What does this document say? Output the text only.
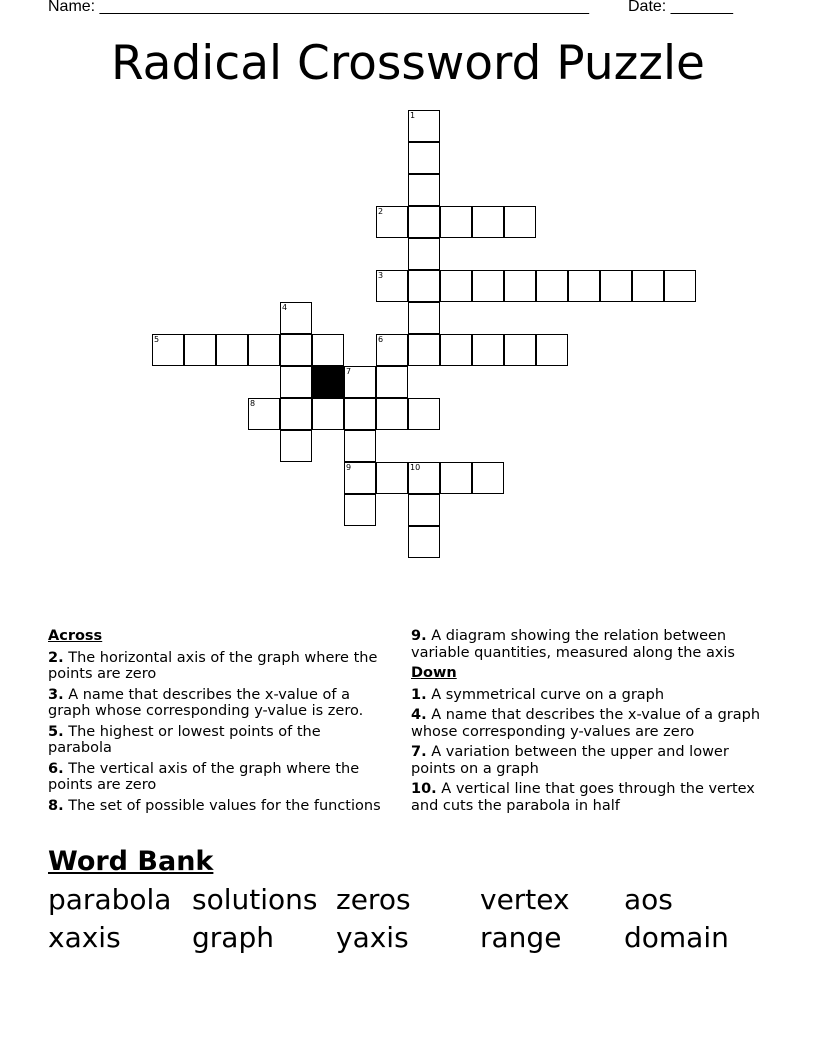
Name: _______________________________________________________ Date: _______
Radical Crossword Puzzle
1
2
3
4
5	6
7
8
9	10
Across
2. The horizontal axis of the graph where the points are zero
3. A name that describes the x-value of a graph whose corresponding y-value is zero.
5. The highest or lowest points of the parabola
6. The vertical axis of the graph where the points are zero
8. The set of possible values for the functions
9. A diagram showing the relation between variable quantities, measured along the axis
Down
1. A symmetrical curve on a graph
4. A name that describes the x-value of a graph whose corresponding y-values are zero
7. A variation between the upper and lower points on a graph
10. A vertical line that goes through the vertex and cuts the parabola in half
Word Bank
parabola solutions zeros	vertex	aos
xaxis	graph	yaxis	range	domain
